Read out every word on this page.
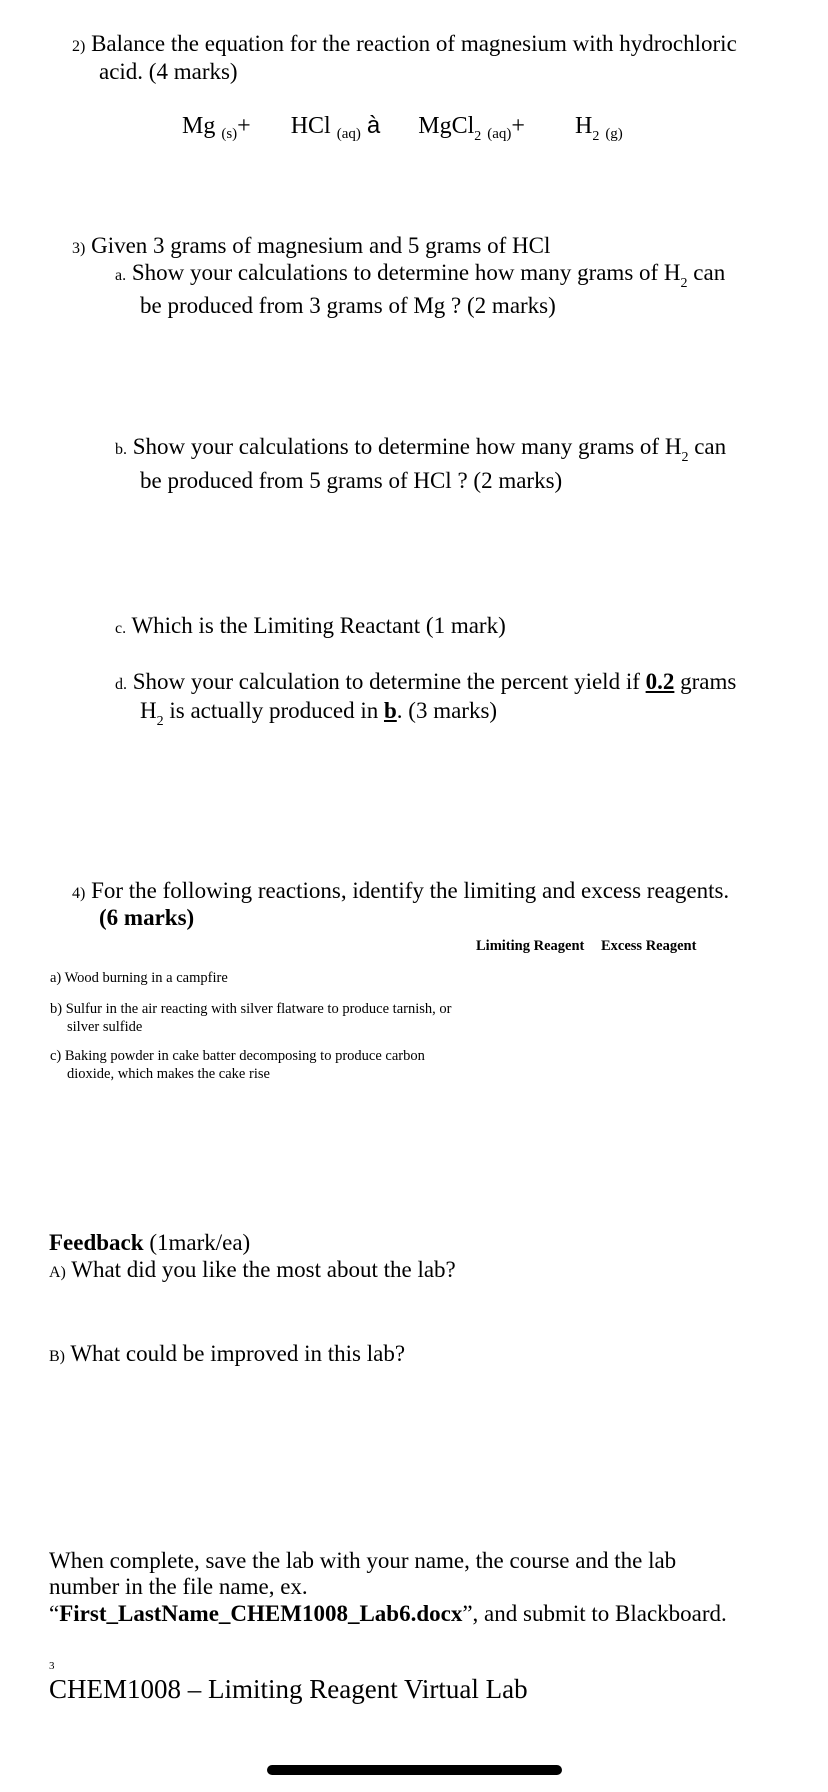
2) Balance the equation for the reaction of magnesium with hydrochloric
acid. (4 marks)
Mg $_{(s)}$+ HCl $_{(aq)}$ à MgCl$_2$ $_{(aq)}+ H_2$ $_{(g)}$
3) Given 3 grams of magnesium and 5 grams of HCl
a. Show your calculations to determine how many grams of $H_2$ can
be produced from 3 grams of Mg ? (2 marks)
b. Show your calculations to determine how many grams of $H_2$ can
be produced from 5 grams of HCl ? (2 marks)
c. Which is the Limiting Reactant (1 mark)
d. Show your calculation to determine the percent yield if 0.2 grams
$H_2$ is actually produced in b. (3 marks)
4) For the following reactions, identify the limiting and excess reagents.
(6 marks)
Limiting Reagent Excess Reagent
a) Wood burning in a campfire
b) Sulfur in the air reacting with silver flatware to produce tarnish, or
silver sulfide
c) Baking powder in cake batter decomposing to produce carbon
dioxide, which makes the cake rise
Feedback (1mark/ea)
A) What did you like the most about the lab?
B) What could be improved in this lab?
When complete, save the lab with your name, the course and the lab
number in the file name, ex.
“First_LastName_CHEM1008_Lab6.docx”, and submit to Blackboard.
3
CHEM1008 – Limiting Reagent Virtual Lab
